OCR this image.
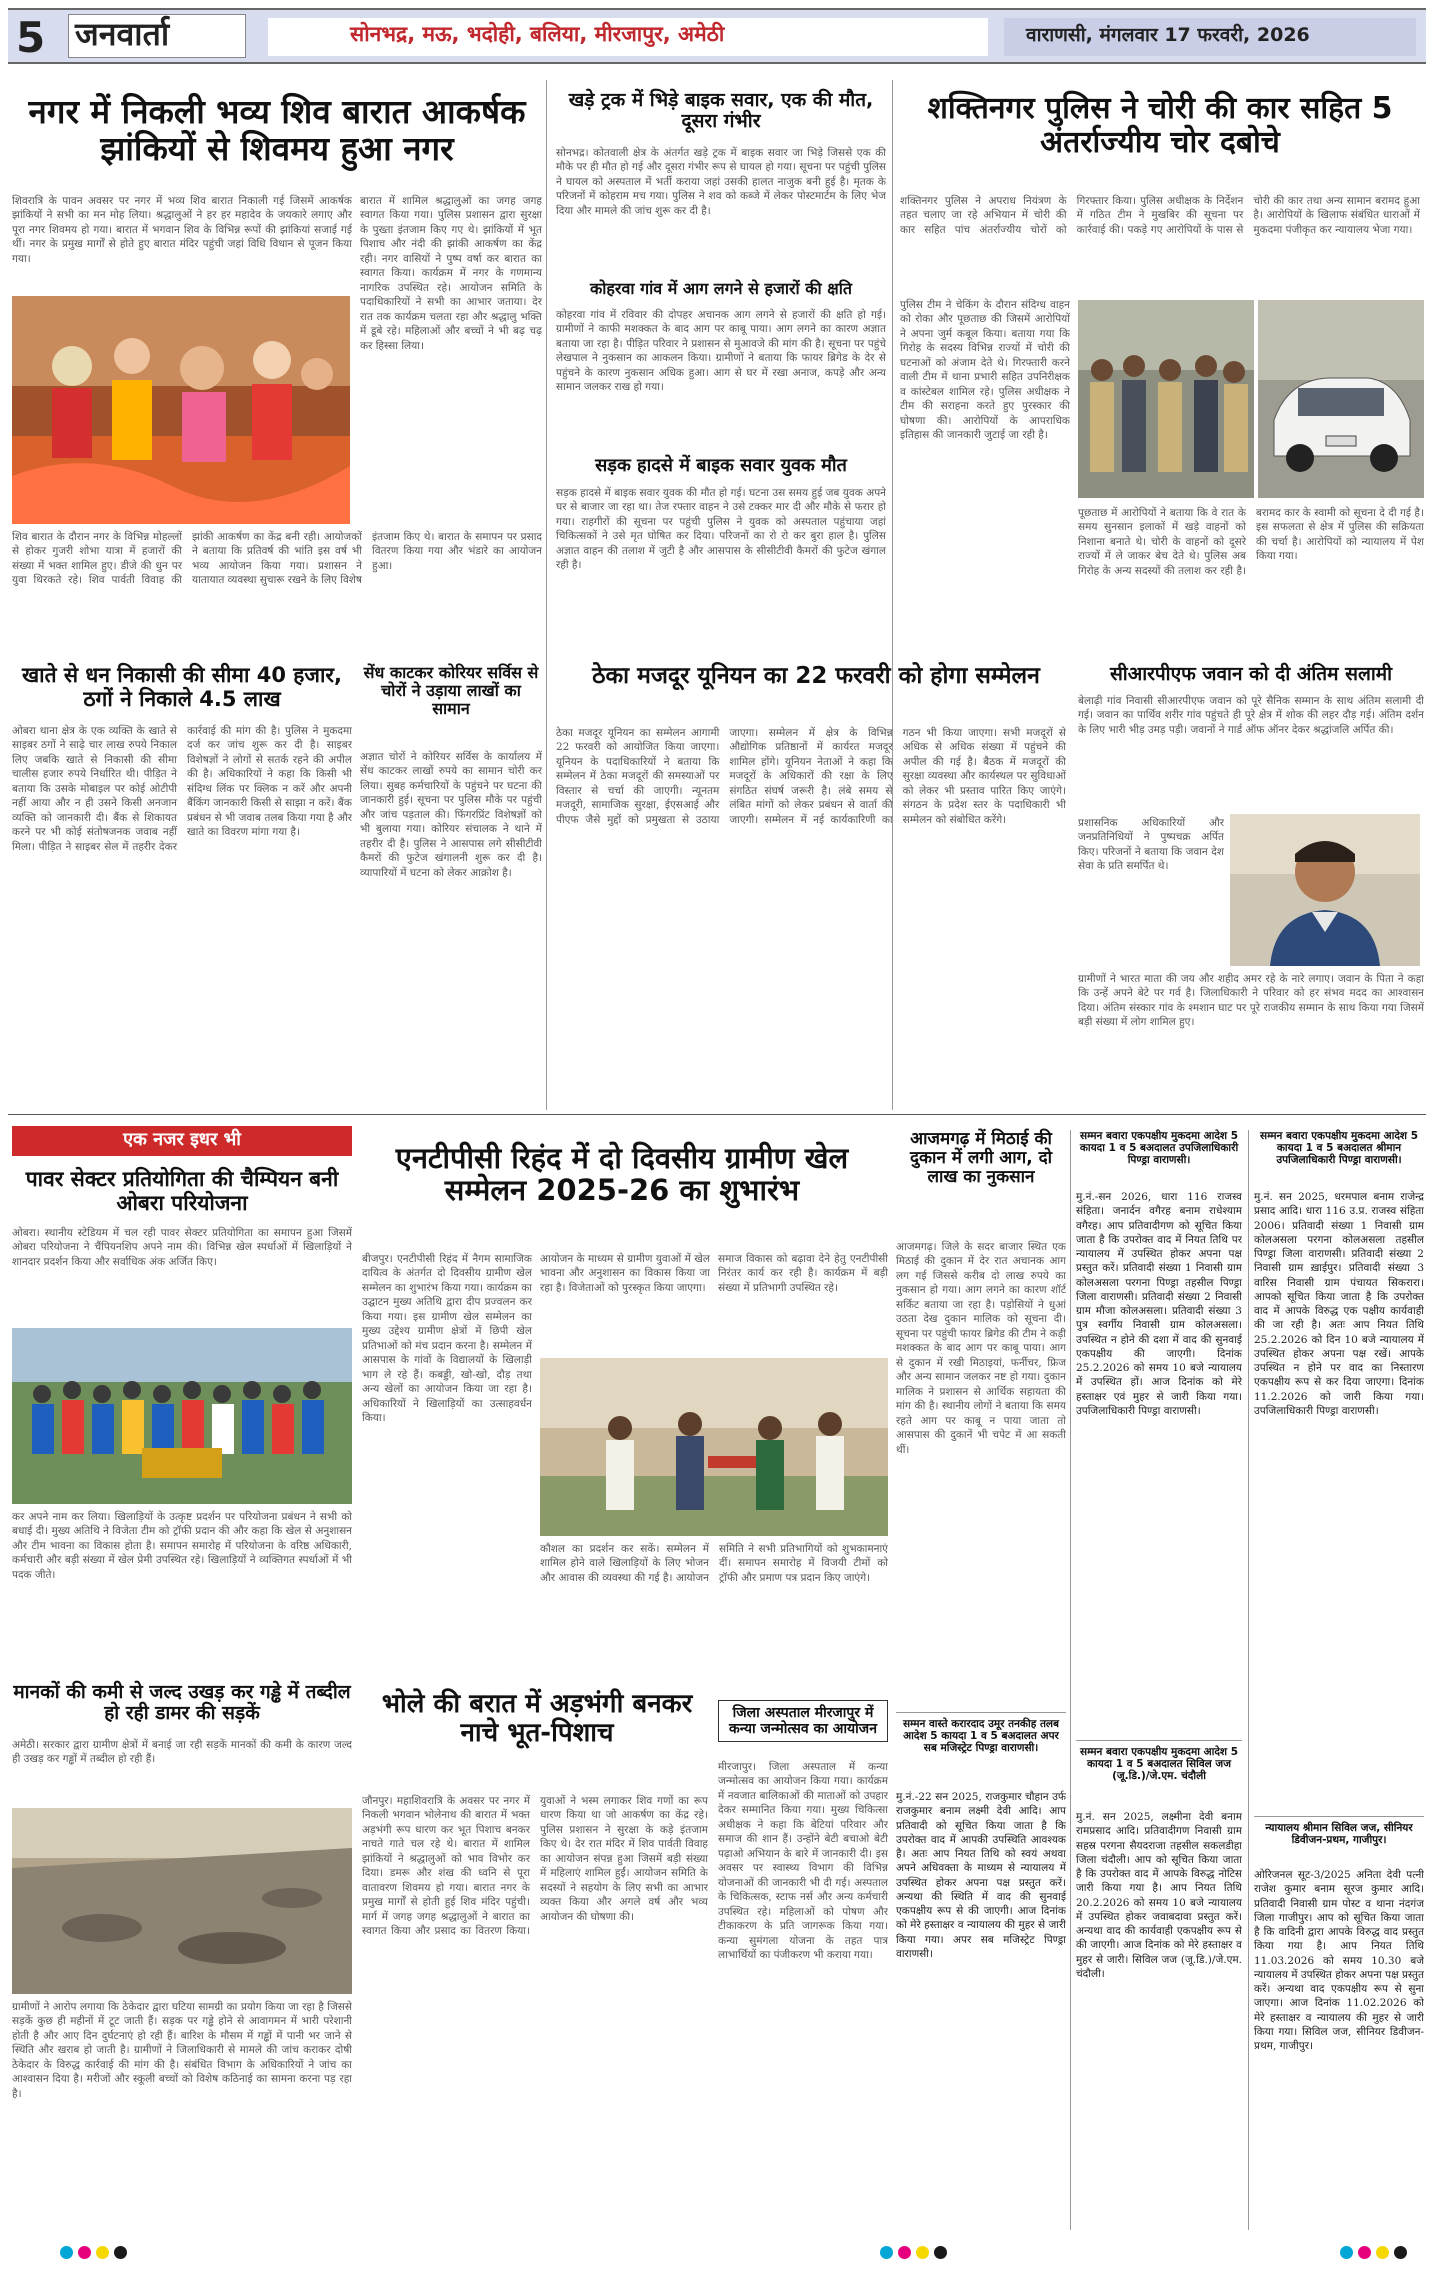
5 जनवार्ता	सोनभद्र, मऊ, भदोही, बलिया, मीरजापुर, अमेठी	वाराणसी, मंगलवार 17 फरवरी, 2026
नगर में निकली भव्य शिव बारात आकर्षक झांकियों से शिवमय हुआ नगर
शिवरात्रि के पावन अवसर पर नगर में भव्य शिव बारात निकाली गई जिसमें आकर्षक झांकियों ने सभी का मन मोह लिया। श्रद्धालुओं ने हर हर महादेव के जयकारे लगाए और पूरा नगर शिवमय हो गया। बारात में भगवान शिव के विभिन्न रूपों की झांकियां सजाई गई थीं। नगर के प्रमुख मार्गों से होते हुए बारात मंदिर पहुंची जहां विधि विधान से पूजन किया गया।
बारात में शामिल श्रद्धालुओं का जगह जगह स्वागत किया गया। पुलिस प्रशासन द्वारा सुरक्षा के पुख्ता इंतजाम किए गए थे। झांकियों में भूत पिशाच और नंदी की झांकी आकर्षण का केंद्र रही। नगर वासियों ने पुष्प वर्षा कर बारात का स्वागत किया। कार्यक्रम में नगर के गणमान्य नागरिक उपस्थित रहे। आयोजन समिति के पदाधिकारियों ने सभी का आभार जताया। देर रात तक कार्यक्रम चलता रहा और श्रद्धालु भक्ति में डूबे रहे। महिलाओं और बच्चों ने भी बढ़ चढ़ कर हिस्सा लिया।
शिव बारात के दौरान नगर के विभिन्न मोहल्लों से होकर गुजरी शोभा यात्रा में हजारों की संख्या में भक्त शामिल हुए। डीजे की धुन पर युवा थिरकते रहे। शिव पार्वती विवाह की झांकी आकर्षण का केंद्र बनी रही। आयोजकों ने बताया कि प्रतिवर्ष की भांति इस वर्ष भी भव्य आयोजन किया गया। प्रशासन ने यातायात व्यवस्था सुचारू रखने के लिए विशेष इंतजाम किए थे। बारात के समापन पर प्रसाद वितरण किया गया और भंडारे का आयोजन हुआ।
खड़े ट्रक में भिड़े बाइक सवार, एक की मौत, दूसरा गंभीर
सोनभद्र। कोतवाली क्षेत्र के अंतर्गत खड़े ट्रक में बाइक सवार जा भिड़े जिससे एक की मौके पर ही मौत हो गई और दूसरा गंभीर रूप से घायल हो गया। सूचना पर पहुंची पुलिस ने घायल को अस्पताल में भर्ती कराया जहां उसकी हालत नाजुक बनी हुई है। मृतक के परिजनों में कोहराम मच गया। पुलिस ने शव को कब्जे में लेकर पोस्टमार्टम के लिए भेज दिया और मामले की जांच शुरू कर दी है।
कोहरवा गांव में आग लगने से हजारों की क्षति
कोहरवा गांव में रविवार की दोपहर अचानक आग लगने से हजारों की क्षति हो गई। ग्रामीणों ने काफी मशक्कत के बाद आग पर काबू पाया। आग लगने का कारण अज्ञात बताया जा रहा है। पीड़ित परिवार ने प्रशासन से मुआवजे की मांग की है। सूचना पर पहुंचे लेखपाल ने नुकसान का आकलन किया। ग्रामीणों ने बताया कि फायर ब्रिगेड के देर से पहुंचने के कारण नुकसान अधिक हुआ। आग से घर में रखा अनाज, कपड़े और अन्य सामान जलकर राख हो गया।
सड़क हादसे में बाइक सवार युवक मौत
सड़क हादसे में बाइक सवार युवक की मौत हो गई। घटना उस समय हुई जब युवक अपने घर से बाजार जा रहा था। तेज रफ्तार वाहन ने उसे टक्कर मार दी और मौके से फरार हो गया। राहगीरों की सूचना पर पहुंची पुलिस ने युवक को अस्पताल पहुंचाया जहां चिकित्सकों ने उसे मृत घोषित कर दिया। परिजनों का रो रो कर बुरा हाल है। पुलिस अज्ञात वाहन की तलाश में जुटी है और आसपास के सीसीटीवी कैमरों की फुटेज खंगाल रही है।
शक्तिनगर पुलिस ने चोरी की कार सहित 5 अंतर्राज्यीय चोर दबोचे
शक्तिनगर पुलिस ने अपराध नियंत्रण के तहत चलाए जा रहे अभियान में चोरी की कार सहित पांच अंतर्राज्यीय चोरों को गिरफ्तार किया। पुलिस अधीक्षक के निर्देशन में गठित टीम ने मुखबिर की सूचना पर कार्रवाई की। पकड़े गए आरोपियों के पास से चोरी की कार तथा अन्य सामान बरामद हुआ है। आरोपियों के खिलाफ संबंधित धाराओं में मुकदमा पंजीकृत कर न्यायालय भेजा गया।
पुलिस टीम ने चेकिंग के दौरान संदिग्ध वाहन को रोका और पूछताछ की जिसमें आरोपियों ने अपना जुर्म कबूल किया। बताया गया कि गिरोह के सदस्य विभिन्न राज्यों में चोरी की घटनाओं को अंजाम देते थे। गिरफ्तारी करने वाली टीम में थाना प्रभारी सहित उपनिरीक्षक व कांस्टेबल शामिल रहे। पुलिस अधीक्षक ने टीम की सराहना करते हुए पुरस्कार की घोषणा की। आरोपियों के आपराधिक इतिहास की जानकारी जुटाई जा रही है।
पूछताछ में आरोपियों ने बताया कि वे रात के समय सुनसान इलाकों में खड़े वाहनों को निशाना बनाते थे। चोरी के वाहनों को दूसरे राज्यों में ले जाकर बेच देते थे। पुलिस अब गिरोह के अन्य सदस्यों की तलाश कर रही है। बरामद कार के स्वामी को सूचना दे दी गई है। इस सफलता से क्षेत्र में पुलिस की सक्रियता की चर्चा है। आरोपियों को न्यायालय में पेश किया गया।
खाते से धन निकासी की सीमा 40 हजार, ठगों ने निकाले 4.5 लाख
ओबरा थाना क्षेत्र के एक व्यक्ति के खाते से साइबर ठगों ने साढ़े चार लाख रुपये निकाल लिए जबकि खाते से निकासी की सीमा चालीस हजार रुपये निर्धारित थी। पीड़ित ने बताया कि उसके मोबाइल पर कोई ओटीपी नहीं आया और न ही उसने किसी अनजान व्यक्ति को जानकारी दी। बैंक से शिकायत करने पर भी कोई संतोषजनक जवाब नहीं मिला। पीड़ित ने साइबर सेल में तहरीर देकर कार्रवाई की मांग की है। पुलिस ने मुकदमा दर्ज कर जांच शुरू कर दी है। साइबर विशेषज्ञों ने लोगों से सतर्क रहने की अपील की है। अधिकारियों ने कहा कि किसी भी संदिग्ध लिंक पर क्लिक न करें और अपनी बैंकिंग जानकारी किसी से साझा न करें। बैंक प्रबंधन से भी जवाब तलब किया गया है और खाते का विवरण मांगा गया है।
सेंध काटकर कोरियर सर्विस से चोरों ने उड़ाया लाखों का सामान
अज्ञात चोरों ने कोरियर सर्विस के कार्यालय में सेंध काटकर लाखों रुपये का सामान चोरी कर लिया। सुबह कर्मचारियों के पहुंचने पर घटना की जानकारी हुई। सूचना पर पुलिस मौके पर पहुंची और जांच पड़ताल की। फिंगरप्रिंट विशेषज्ञों को भी बुलाया गया। कोरियर संचालक ने थाने में तहरीर दी है। पुलिस ने आसपास लगे सीसीटीवी कैमरों की फुटेज खंगालनी शुरू कर दी है। व्यापारियों में घटना को लेकर आक्रोश है।
ठेका मजदूर यूनियन का 22 फरवरी को होगा सम्मेलन
ठेका मजदूर यूनियन का सम्मेलन आगामी 22 फरवरी को आयोजित किया जाएगा। यूनियन के पदाधिकारियों ने बताया कि सम्मेलन में ठेका मजदूरों की समस्याओं पर विस्तार से चर्चा की जाएगी। न्यूनतम मजदूरी, सामाजिक सुरक्षा, ईएसआई और पीएफ जैसे मुद्दों को प्रमुखता से उठाया जाएगा। सम्मेलन में क्षेत्र के विभिन्न औद्योगिक प्रतिष्ठानों में कार्यरत मजदूर शामिल होंगे। यूनियन नेताओं ने कहा कि मजदूरों के अधिकारों की रक्षा के लिए संगठित संघर्ष जरूरी है। लंबे समय से लंबित मांगों को लेकर प्रबंधन से वार्ता की जाएगी। सम्मेलन में नई कार्यकारिणी का गठन भी किया जाएगा। सभी मजदूरों से अधिक से अधिक संख्या में पहुंचने की अपील की गई है। बैठक में मजदूरों की सुरक्षा व्यवस्था और कार्यस्थल पर सुविधाओं को लेकर भी प्रस्ताव पारित किए जाएंगे। संगठन के प्रदेश स्तर के पदाधिकारी भी सम्मेलन को संबोधित करेंगे।
सीआरपीएफ जवान को दी अंतिम सलामी
बेलाढ़ी गांव निवासी सीआरपीएफ जवान को पूरे सैनिक सम्मान के साथ अंतिम सलामी दी गई। जवान का पार्थिव शरीर गांव पहुंचते ही पूरे क्षेत्र में शोक की लहर दौड़ गई। अंतिम दर्शन के लिए भारी भीड़ उमड़ पड़ी। जवानों ने गार्ड ऑफ ऑनर देकर श्रद्धांजलि अर्पित की।
प्रशासनिक अधिकारियों और जनप्रतिनिधियों ने पुष्पचक्र अर्पित किए। परिजनों ने बताया कि जवान देश सेवा के प्रति समर्पित थे।
ग्रामीणों ने भारत माता की जय और शहीद अमर रहे के नारे लगाए। जवान के पिता ने कहा कि उन्हें अपने बेटे पर गर्व है। जिलाधिकारी ने परिवार को हर संभव मदद का आश्वासन दिया। अंतिम संस्कार गांव के श्मशान घाट पर पूरे राजकीय सम्मान के साथ किया गया जिसमें बड़ी संख्या में लोग शामिल हुए।
एक नजर इधर भी
पावर सेक्टर प्रतियोगिता की चैम्पियन बनी ओबरा परियोजना
ओबरा। स्थानीय स्टेडियम में चल रही पावर सेक्टर प्रतियोगिता का समापन हुआ जिसमें ओबरा परियोजना ने चैंपियनशिप अपने नाम की। विभिन्न खेल स्पर्धाओं में खिलाड़ियों ने शानदार प्रदर्शन किया और सर्वाधिक अंक अर्जित किए।
कर अपने नाम कर लिया। खिलाड़ियों के उत्कृष्ट प्रदर्शन पर परियोजना प्रबंधन ने सभी को बधाई दी। मुख्य अतिथि ने विजेता टीम को ट्रॉफी प्रदान की और कहा कि खेल से अनुशासन और टीम भावना का विकास होता है। समापन समारोह में परियोजना के वरिष्ठ अधिकारी, कर्मचारी और बड़ी संख्या में खेल प्रेमी उपस्थित रहे। खिलाड़ियों ने व्यक्तिगत स्पर्धाओं में भी पदक जीते।
मानकों की कमी से जल्द उखड़ कर गड्ढे में तब्दील हो रही डामर की सड़कें
अमेठी। सरकार द्वारा ग्रामीण क्षेत्रों में बनाई जा रही सड़कें मानकों की कमी के कारण जल्द ही उखड़ कर गड्ढों में तब्दील हो रही हैं।
ग्रामीणों ने आरोप लगाया कि ठेकेदार द्वारा घटिया सामग्री का प्रयोग किया जा रहा है जिससे सड़कें कुछ ही महीनों में टूट जाती हैं। सड़क पर गड्ढे होने से आवागमन में भारी परेशानी होती है और आए दिन दुर्घटनाएं हो रही हैं। बारिश के मौसम में गड्ढों में पानी भर जाने से स्थिति और खराब हो जाती है। ग्रामीणों ने जिलाधिकारी से मामले की जांच कराकर दोषी ठेकेदार के विरुद्ध कार्रवाई की मांग की है। संबंधित विभाग के अधिकारियों ने जांच का आश्वासन दिया है। मरीजों और स्कूली बच्चों को विशेष कठिनाई का सामना करना पड़ रहा है।
एनटीपीसी रिहंद में दो दिवसीय ग्रामीण खेल सम्मेलन 2025-26 का शुभारंभ
बीजपुर। एनटीपीसी रिहंद में नैगम सामाजिक दायित्व के अंतर्गत दो दिवसीय ग्रामीण खेल सम्मेलन का शुभारंभ किया गया। कार्यक्रम का उद्घाटन मुख्य अतिथि द्वारा दीप प्रज्वलन कर किया गया। इस ग्रामीण खेल सम्मेलन का मुख्य उद्देश्य ग्रामीण क्षेत्रों में छिपी खेल प्रतिभाओं को मंच प्रदान करना है। सम्मेलन में आसपास के गांवों के विद्यालयों के खिलाड़ी भाग ले रहे हैं। कबड्डी, खो-खो, दौड़ तथा अन्य खेलों का आयोजन किया जा रहा है। अधिकारियों ने खिलाड़ियों का उत्साहवर्धन किया।
आयोजन के माध्यम से ग्रामीण युवाओं में खेल भावना और अनुशासन का विकास किया जा रहा है। विजेताओं को पुरस्कृत किया जाएगा।
समाज विकास को बढ़ावा देने हेतु एनटीपीसी निरंतर कार्य कर रही है। कार्यक्रम में बड़ी संख्या में प्रतिभागी उपस्थित रहे।
कौशल का प्रदर्शन कर सकें। सम्मेलन में शामिल होने वाले खिलाड़ियों के लिए भोजन और आवास की व्यवस्था की गई है। आयोजन समिति ने सभी प्रतिभागियों को शुभकामनाएं दीं। समापन समारोह में विजयी टीमों को ट्रॉफी और प्रमाण पत्र प्रदान किए जाएंगे।
भोले की बरात में अड़भंगी बनकर नाचे भूत-पिशाच
जौनपुर। महाशिवरात्रि के अवसर पर नगर में निकली भगवान भोलेनाथ की बारात में भक्त अड़भंगी रूप धारण कर भूत पिशाच बनकर नाचते गाते चल रहे थे। बारात में शामिल झांकियों ने श्रद्धालुओं को भाव विभोर कर दिया। डमरू और शंख की ध्वनि से पूरा वातावरण शिवमय हो गया। बारात नगर के प्रमुख मार्गों से होती हुई शिव मंदिर पहुंची। मार्ग में जगह जगह श्रद्धालुओं ने बारात का स्वागत किया और प्रसाद का वितरण किया। युवाओं ने भस्म लगाकर शिव गणों का रूप धारण किया था जो आकर्षण का केंद्र रहे। पुलिस प्रशासन ने सुरक्षा के कड़े इंतजाम किए थे। देर रात मंदिर में शिव पार्वती विवाह का आयोजन संपन्न हुआ जिसमें बड़ी संख्या में महिलाएं शामिल हुईं। आयोजन समिति के सदस्यों ने सहयोग के लिए सभी का आभार व्यक्त किया और अगले वर्ष और भव्य आयोजन की घोषणा की।
जिला अस्पताल मीरजापुर में कन्या जन्मोत्सव का आयोजन
मीरजापुर। जिला अस्पताल में कन्या जन्मोत्सव का आयोजन किया गया। कार्यक्रम में नवजात बालिकाओं की माताओं को उपहार देकर सम्मानित किया गया। मुख्य चिकित्सा अधीक्षक ने कहा कि बेटियां परिवार और समाज की शान हैं। उन्होंने बेटी बचाओ बेटी पढ़ाओ अभियान के बारे में जानकारी दी। इस अवसर पर स्वास्थ्य विभाग की विभिन्न योजनाओं की जानकारी भी दी गई। अस्पताल के चिकित्सक, स्टाफ नर्स और अन्य कर्मचारी उपस्थित रहे। महिलाओं को पोषण और टीकाकरण के प्रति जागरूक किया गया। कन्या सुमंगला योजना के तहत पात्र लाभार्थियों का पंजीकरण भी कराया गया।
आजमगढ़ में मिठाई की दुकान में लगी आग, दो लाख का नुकसान
आजमगढ़। जिले के सदर बाजार स्थित एक मिठाई की दुकान में देर रात अचानक आग लग गई जिससे करीब दो लाख रुपये का नुकसान हो गया। आग लगने का कारण शॉर्ट सर्किट बताया जा रहा है। पड़ोसियों ने धुआं उठता देख दुकान मालिक को सूचना दी। सूचना पर पहुंची फायर ब्रिगेड की टीम ने कड़ी मशक्कत के बाद आग पर काबू पाया। आग से दुकान में रखी मिठाइयां, फर्नीचर, फ्रिज और अन्य सामान जलकर नष्ट हो गया। दुकान मालिक ने प्रशासन से आर्थिक सहायता की मांग की है। स्थानीय लोगों ने बताया कि समय रहते आग पर काबू न पाया जाता तो आसपास की दुकानें भी चपेट में आ सकती थीं।
सम्मन वास्ते करारदाद उमूर तनकीह तलब आदेश 5 कायदा 1 व 5 बअदालत अपर सब मजिस्ट्रेट पिण्ड्रा वाराणसी।
मु.नं.-22 सन 2025, राजकुमार चौहान उर्फ राजकुमार बनाम लक्ष्मी देवी आदि। आप प्रतिवादी को सूचित किया जाता है कि उपरोक्त वाद में आपकी उपस्थिति आवश्यक है। अतः आप नियत तिथि को स्वयं अथवा अपने अधिवक्ता के माध्यम से न्यायालय में उपस्थित होकर अपना पक्ष प्रस्तुत करें। अन्यथा की स्थिति में वाद की सुनवाई एकपक्षीय रूप से की जाएगी। आज दिनांक को मेरे हस्ताक्षर व न्यायालय की मुहर से जारी किया गया। अपर सब मजिस्ट्रेट पिण्ड्रा वाराणसी।
सम्मन बवारा एकपक्षीय मुकदमा आदेश 5 कायदा 1 व 5 बअदालत उपजिलाधिकारी पिण्ड्रा वाराणसी।
मु.नं.-सन 2026, धारा 116 राजस्व संहिता। जनार्दन वगैरह बनाम राधेश्याम वगैरह। आप प्रतिवादीगण को सूचित किया जाता है कि उपरोक्त वाद में नियत तिथि पर न्यायालय में उपस्थित होकर अपना पक्ष प्रस्तुत करें। प्रतिवादी संख्या 1 निवासी ग्राम कोलअसला परगना पिण्ड्रा तहसील पिण्ड्रा जिला वाराणसी। प्रतिवादी संख्या 2 निवासी ग्राम मौजा कोलअसला। प्रतिवादी संख्या 3 पुत्र स्वर्गीय निवासी ग्राम कोलअसला। उपस्थित न होने की दशा में वाद की सुनवाई एकपक्षीय की जाएगी। दिनांक 25.2.2026 को समय 10 बजे न्यायालय में उपस्थित हों। आज दिनांक को मेरे हस्ताक्षर एवं मुहर से जारी किया गया। उपजिलाधिकारी पिण्ड्रा वाराणसी।
सम्मन बवारा एकपक्षीय मुकदमा आदेश 5 कायदा 1 व 5 बअदालत सिविल जज (जू.डि.)/जे.एम. चंदौली
मु.नं. सन 2025, लक्ष्मीना देवी बनाम रामप्रसाद आदि। प्रतिवादीगण निवासी ग्राम सहस्र परगना सैयदराजा तहसील सकलडीहा जिला चंदौली। आप को सूचित किया जाता है कि उपरोक्त वाद में आपके विरुद्ध नोटिस जारी किया गया है। आप नियत तिथि 20.2.2026 को समय 10 बजे न्यायालय में उपस्थित होकर जवाबदावा प्रस्तुत करें। अन्यथा वाद की कार्यवाही एकपक्षीय रूप से की जाएगी। आज दिनांक को मेरे हस्ताक्षर व मुहर से जारी। सिविल जज (जू.डि.)/जे.एम. चंदौली।
सम्मन बवारा एकपक्षीय मुकदमा आदेश 5 कायदा 1 व 5 बअदालत श्रीमान उपजिलाधिकारी पिण्ड्रा वाराणसी।
मु.नं. सन 2025, धरमपाल बनाम राजेन्द्र प्रसाद आदि। धारा 116 उ.प्र. राजस्व संहिता 2006। प्रतिवादी संख्या 1 निवासी ग्राम कोलअसला परगना कोलअसला तहसील पिण्ड्रा जिला वाराणसी। प्रतिवादी संख्या 2 निवासी ग्राम ख़ाईपुर। प्रतिवादी संख्या 3 वारिस निवासी ग्राम पंचायत सिकरारा। आपको सूचित किया जाता है कि उपरोक्त वाद में आपके विरुद्ध एक पक्षीय कार्यवाही की जा रही है। अतः आप नियत तिथि 25.2.2026 को दिन 10 बजे न्यायालय में उपस्थित होकर अपना पक्ष रखें। आपके उपस्थित न होने पर वाद का निस्तारण एकपक्षीय रूप से कर दिया जाएगा। दिनांक 11.2.2026 को जारी किया गया। उपजिलाधिकारी पिण्ड्रा वाराणसी।
न्यायालय श्रीमान सिविल जज, सीनियर डिवीजन-प्रथम, गाजीपुर।
ओरिजनल सूट-3/2025 अनिता देवी पत्नी राजेश कुमार बनाम सूरज कुमार आदि। प्रतिवादी निवासी ग्राम पोस्ट व थाना नंदगंज जिला गाजीपुर। आप को सूचित किया जाता है कि वादिनी द्वारा आपके विरुद्ध वाद प्रस्तुत किया गया है। आप नियत तिथि 11.03.2026 को समय 10.30 बजे न्यायालय में उपस्थित होकर अपना पक्ष प्रस्तुत करें। अन्यथा वाद एकपक्षीय रूप से सुना जाएगा। आज दिनांक 11.02.2026 को मेरे हस्ताक्षर व न्यायालय की मुहर से जारी किया गया। सिविल जज, सीनियर डिवीजन-प्रथम, गाजीपुर।
